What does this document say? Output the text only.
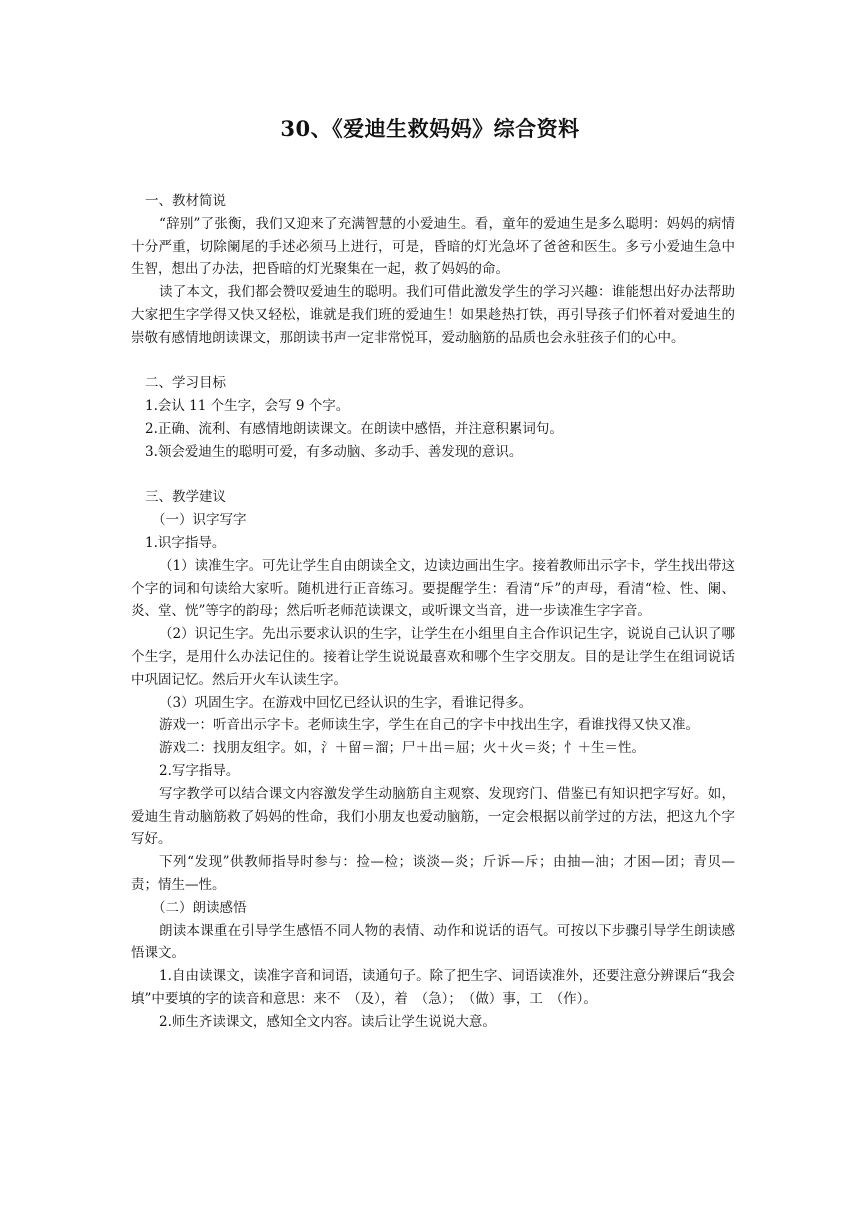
30、《爱迪生救妈妈》综合资料

一、教材简说

“辞别”了张衡，我们又迎来了充满智慧的小爱迪生。看，童年的爱迪生是多么聪明：妈妈的病情十分严重，切除阑尾的手述必须马上进行，可是，昏暗的灯光急坏了爸爸和医生。多亏小爱迪生急中生智，想出了办法，把昏暗的灯光聚集在一起，救了妈妈的命。

读了本文，我们都会赞叹爱迪生的聪明。我们可借此激发学生的学习兴趣：谁能想出好办法帮助大家把生字学得又快又轻松，谁就是我们班的爱迪生！如果趁热打铁，再引导孩子们怀着对爱迪生的崇敬有感情地朗读课文，那朗读书声一定非常悦耳，爱动脑筋的品质也会永驻孩子们的心中。

二、学习目标

1.会认 11 个生字，会写 9 个字。

2.正确、流利、有感情地朗读课文。在朗读中感悟，并注意积累词句。

3.领会爱迪生的聪明可爱，有多动脑、多动手、善发现的意识。

三、教学建议

（一）识字写字

1.识字指导。

（1）读准生字。可先让学生自由朗读全文，边读边画出生字。接着教师出示字卡，学生找出带这个字的词和句读给大家听。随机进行正音练习。要提醒学生：看清“斥”的声母，看清“检、性、阑、炎、堂、恍”等字的韵母；然后听老师范读课文，或听课文当音，进一步读准生字字音。

（2）识记生字。先出示要求认识的生字，让学生在小组里自主合作识记生字，说说自己认识了哪个生字，是用什么办法记住的。接着让学生说说最喜欢和哪个生字交朋友。目的是让学生在组词说话中巩固记忆。然后开火车认读生字。

（3）巩固生字。在游戏中回忆已经认识的生字，看谁记得多。

游戏一：听音出示字卡。老师读生字，学生在自己的字卡中找出生字，看谁找得又快又准。

游戏二：找朋友组字。如，氵＋留＝溜；尸＋出＝屈；火＋火＝炎；忄＋生＝性。

2.写字指导。

写字教学可以结合课文内容激发学生动脑筋自主观察、发现窍门、借鉴已有知识把字写好。如，爱迪生肯动脑筋救了妈妈的性命，我们小朋友也爱动脑筋，一定会根据以前学过的方法，把这九个字写好。

下列“发现”供教师指导时参与：捡—检；谈淡—炎；斤诉—斥；由抽—油；才困—团；青贝—责；情生—性。

（二）朗读感悟

朗读本课重在引导学生感悟不同人物的表情、动作和说话的语气。可按以下步骤引导学生朗读感悟课文。

1.自由读课文，读准字音和词语，读通句子。除了把生字、词语读准外，还要注意分辨课后“我会填”中要填的字的读音和意思：来不　（及），着　（急）；　（做）事，工　（作）。

2.师生齐读课文，感知全文内容。读后让学生说说大意。
